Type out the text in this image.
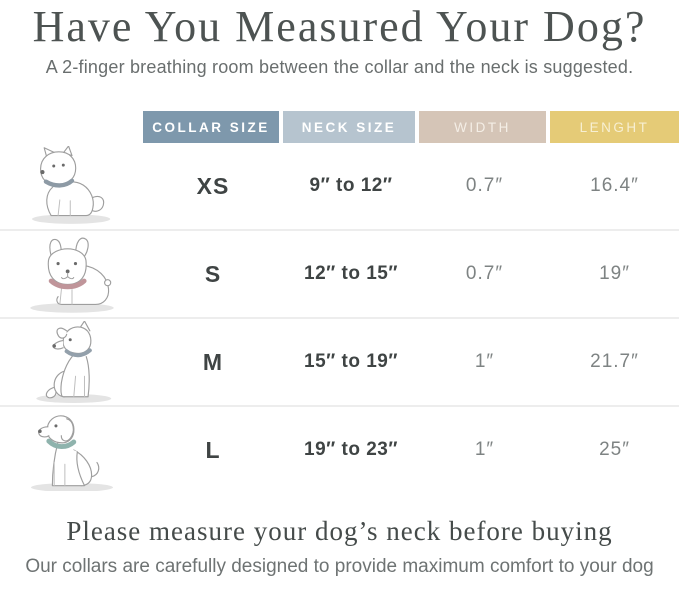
Have You Measured Your Dog?
A 2-finger breathing room between the collar and the neck is suggested.
COLLAR SIZE	NECK SIZE	WIDTH	LENGHT
XS	9″ to 12″	0.7″	16.4″
S	12″ to 15″	0.7″	19″
M	15″ to 19″	1″	21.7″
L	19″ to 23″	1″	25″
Please measure your dog’s neck before buying
Our collars are carefully designed to provide maximum comfort to your dog
